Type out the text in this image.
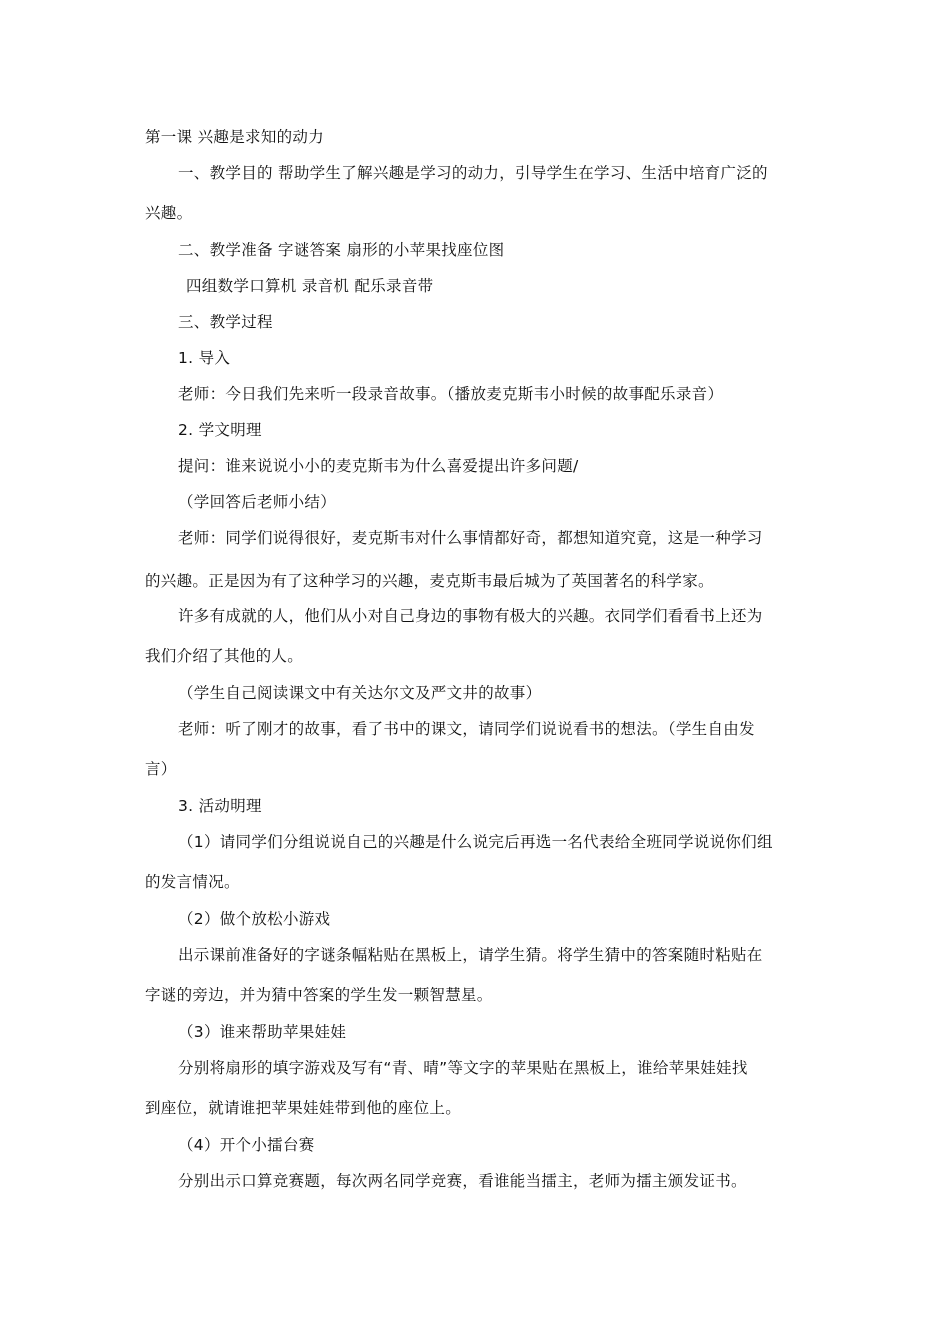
第一课 兴趣是求知的动力
一、教学目的 帮助学生了解兴趣是学习的动力，引导学生在学习、生活中培育广泛的
兴趣。
二、教学准备 字谜答案 扇形的小苹果找座位图
四组数学口算机 录音机 配乐录音带
三、教学过程
1. 导入
老师：今日我们先来听一段录音故事。（播放麦克斯韦小时候的故事配乐录音）
2. 学文明理
提问：谁来说说小小的麦克斯韦为什么喜爱提出许多问题/
（学回答后老师小结）
老师：同学们说得很好，麦克斯韦对什么事情都好奇，都想知道究竟，这是一种学习
的兴趣。正是因为有了这种学习的兴趣，麦克斯韦最后城为了英国著名的科学家。
许多有成就的人，他们从小对自己身边的事物有极大的兴趣。衣同学们看看书上还为
我们介绍了其他的人。
（学生自己阅读课文中有关达尔文及严文井的故事）
老师：听了刚才的故事，看了书中的课文，请同学们说说看书的想法。（学生自由发
言）
3. 活动明理
（1）请同学们分组说说自己的兴趣是什么说完后再选一名代表给全班同学说说你们组
的发言情况。
（2）做个放松小游戏
出示课前准备好的字谜条幅粘贴在黑板上，请学生猜。将学生猜中的答案随时粘贴在
字谜的旁边，并为猜中答案的学生发一颗智慧星。
（3）谁来帮助苹果娃娃
分别将扇形的填字游戏及写有“青、晴”等文字的苹果贴在黑板上，谁给苹果娃娃找
到座位，就请谁把苹果娃娃带到他的座位上。
（4）开个小擂台赛
分别出示口算竞赛题，每次两名同学竞赛，看谁能当擂主，老师为擂主颁发证书。
